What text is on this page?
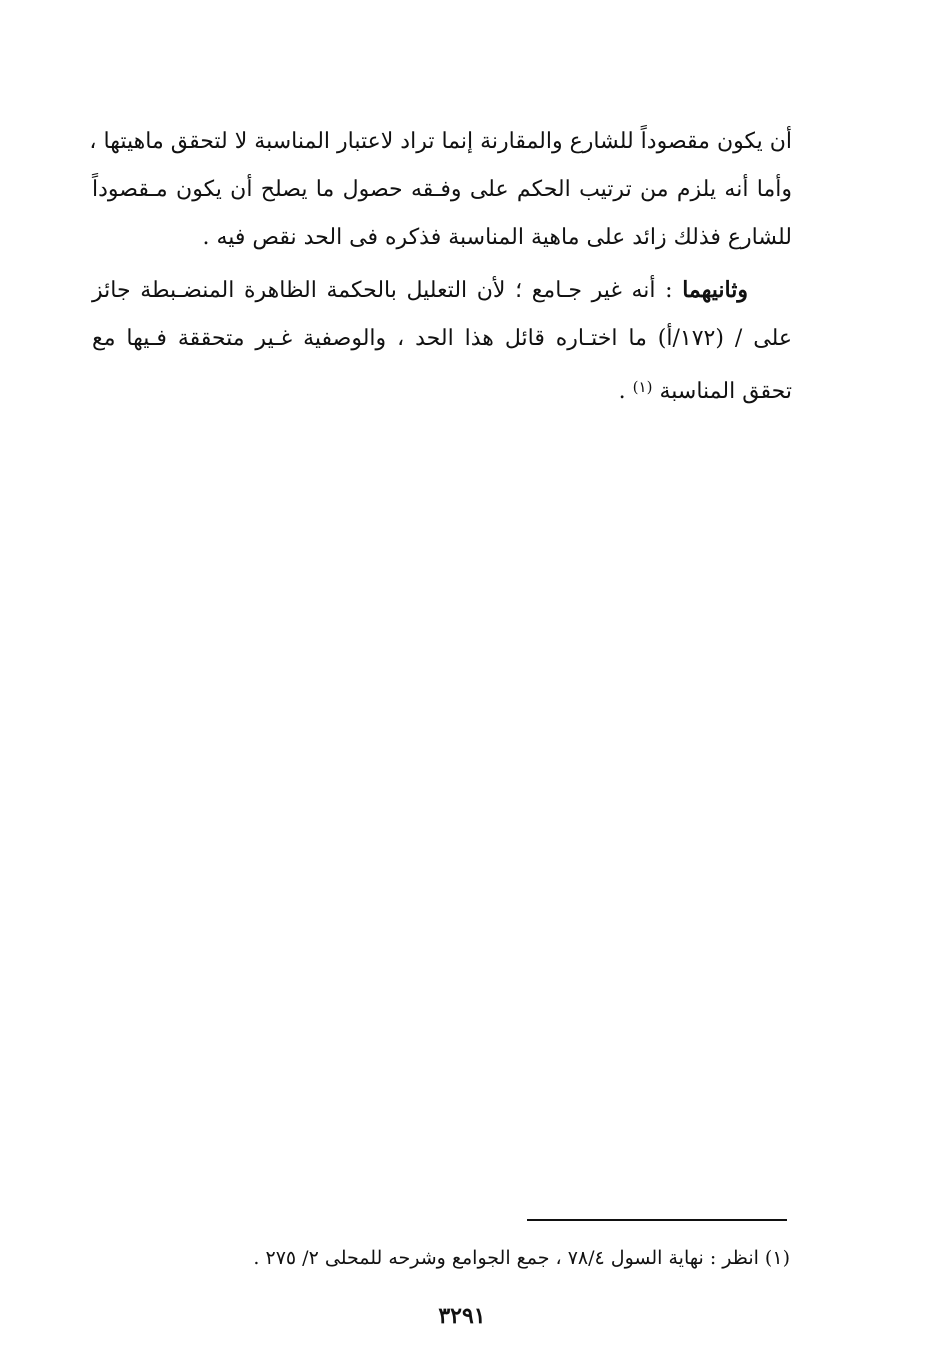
أن يكون مقصوداً للشارع والمقارنة إنما تراد لاعتبار المناسبة لا لتحقق ماهيتها ،
وأما أنه يلزم من ترتيب الحكم على وفـقه حصول ما يصلح أن يكون مـقصوداً
للشارع فذلك زائد على ماهية المناسبة فذكره فى الحد نقص فيه .

وثانيهما : أنه غير جـامع ؛ لأن التعليل بالحكمة الظاهرة المنضـبطة جائز
على / (١٧٢/أ) ما اختـاره قائل هذا الحد ، والوصفية غـير متحققة فـيها مع
تحقق المناسبة $^{(١)}$ .

(١) انظر : نهاية السول ٧٨/٤ ، جمع الجوامع وشرحه للمحلى ٢/ ٢٧٥ .
٣٢٩١
